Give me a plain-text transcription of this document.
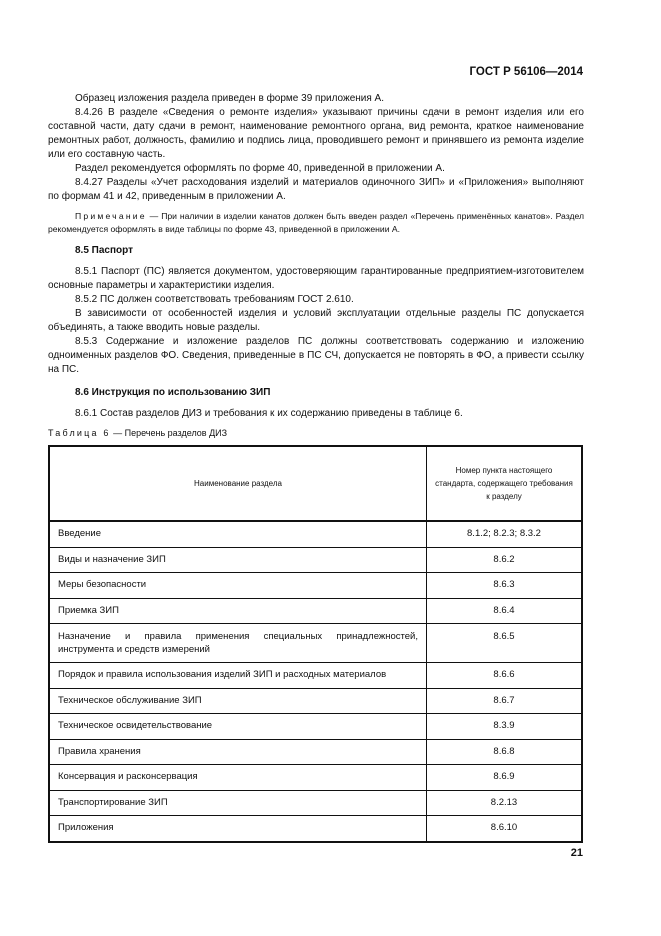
ГОСТ Р 56106—2014

Образец изложения раздела приведен в форме 39 приложения А.

8.4.26 В разделе «Сведения о ремонте изделия» указывают причины сдачи в ремонт изделия или его составной части, дату сдачи в ремонт, наименование ремонтного органа, вид ремонта, краткое наименование ремонтных работ, должность, фамилию и подпись лица, проводившего ремонт и принявшего из ремонта изделие или его составную часть.

Раздел рекомендуется оформлять по форме 40, приведенной в приложении А.

8.4.27 Разделы «Учет расходования изделий и материалов одиночного ЗИП» и «Приложения» выполняют по формам 41 и 42, приведенным в приложении А.

Примечание — При наличии в изделии канатов должен быть введен раздел «Перечень применённых канатов». Раздел рекомендуется оформлять в виде таблицы по форме 43, приведенной в приложении А.

8.5 Паспорт

8.5.1 Паспорт (ПС) является документом, удостоверяющим гарантированные предприятием-изготовителем основные параметры и характеристики изделия.

8.5.2 ПС должен соответствовать требованиям ГОСТ 2.610.

В зависимости от особенностей изделия и условий эксплуатации отдельные разделы ПС допускается объединять, а также вводить новые разделы.

8.5.3 Содержание и изложение разделов ПС должны соответствовать содержанию и изложению одноименных разделов ФО. Сведения, приведенные в ПС СЧ, допускается не повторять в ФО, а привести ссылку на ПС.

8.6 Инструкция по использованию ЗИП

8.6.1 Состав разделов ДИЗ и требования к их содержанию приведены в таблице 6.

Таблица 6 — Перечень разделов ДИЗ

Наименование раздела	Номер пункта настоящего стандарта, содержащего требования к разделу
Введение	8.1.2; 8.2.3; 8.3.2
Виды и назначение ЗИП	8.6.2
Меры безопасности	8.6.3
Приемка ЗИП	8.6.4
Назначение и правила применения специальных принадлежностей, инструмента и средств измерений	8.6.5
Порядок и правила использования изделий ЗИП и расходных материалов	8.6.6
Техническое обслуживание ЗИП	8.6.7
Техническое освидетельствование	8.3.9
Правила хранения	8.6.8
Консервация и расконсервация	8.6.9
Транспортирование ЗИП	8.2.13
Приложения	8.6.10
21
